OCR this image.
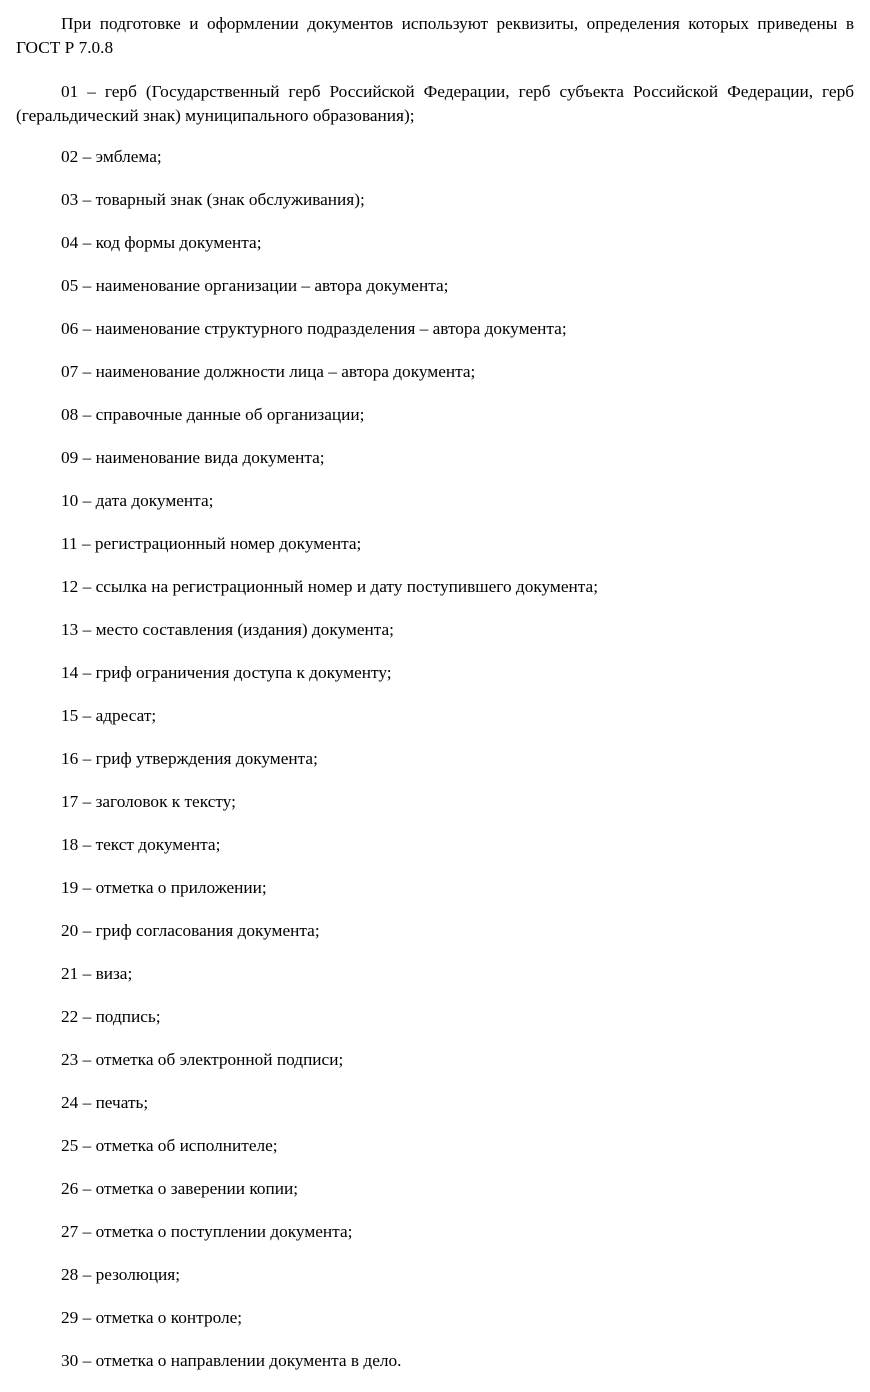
При подготовке и оформлении документов используют реквизиты, определения которых приведены в ГОСТ Р 7.0.8

01 – герб (Государственный герб Российской Федерации, герб субъекта Российской Федерации, герб (геральдический знак) муниципального образования);

02 – эмблема;
03 – товарный знак (знак обслуживания);
04 – код формы документа;
05 – наименование организации – автора документа;
06 – наименование структурного подразделения – автора документа;
07 – наименование должности лица – автора документа;
08 – справочные данные об организации;
09 – наименование вида документа;
10 – дата документа;
11 – регистрационный номер документа;
12 – ссылка на регистрационный номер и дату поступившего документа;
13 – место составления (издания) документа;
14 – гриф ограничения доступа к документу;
15 – адресат;
16 – гриф утверждения документа;
17 – заголовок к тексту;
18 – текст документа;
19 – отметка о приложении;
20 – гриф согласования документа;
21 – виза;
22 – подпись;
23 – отметка об электронной подписи;
24 – печать;
25 – отметка об исполнителе;
26 – отметка о заверении копии;
27 – отметка о поступлении документа;
28 – резолюция;
29 – отметка о контроле;
30 – отметка о направлении документа в дело.
